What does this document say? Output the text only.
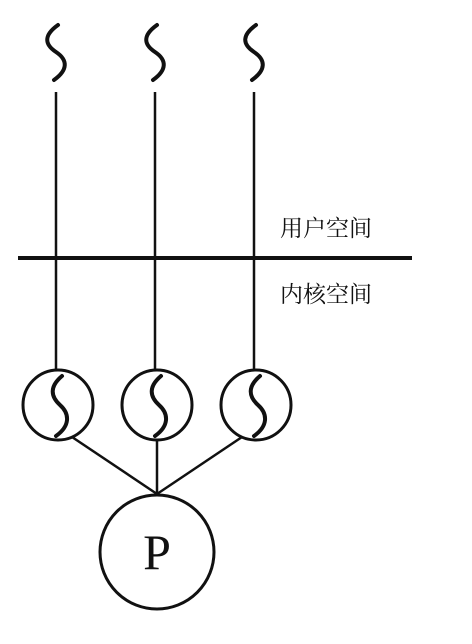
用户空间
内核空间
P
